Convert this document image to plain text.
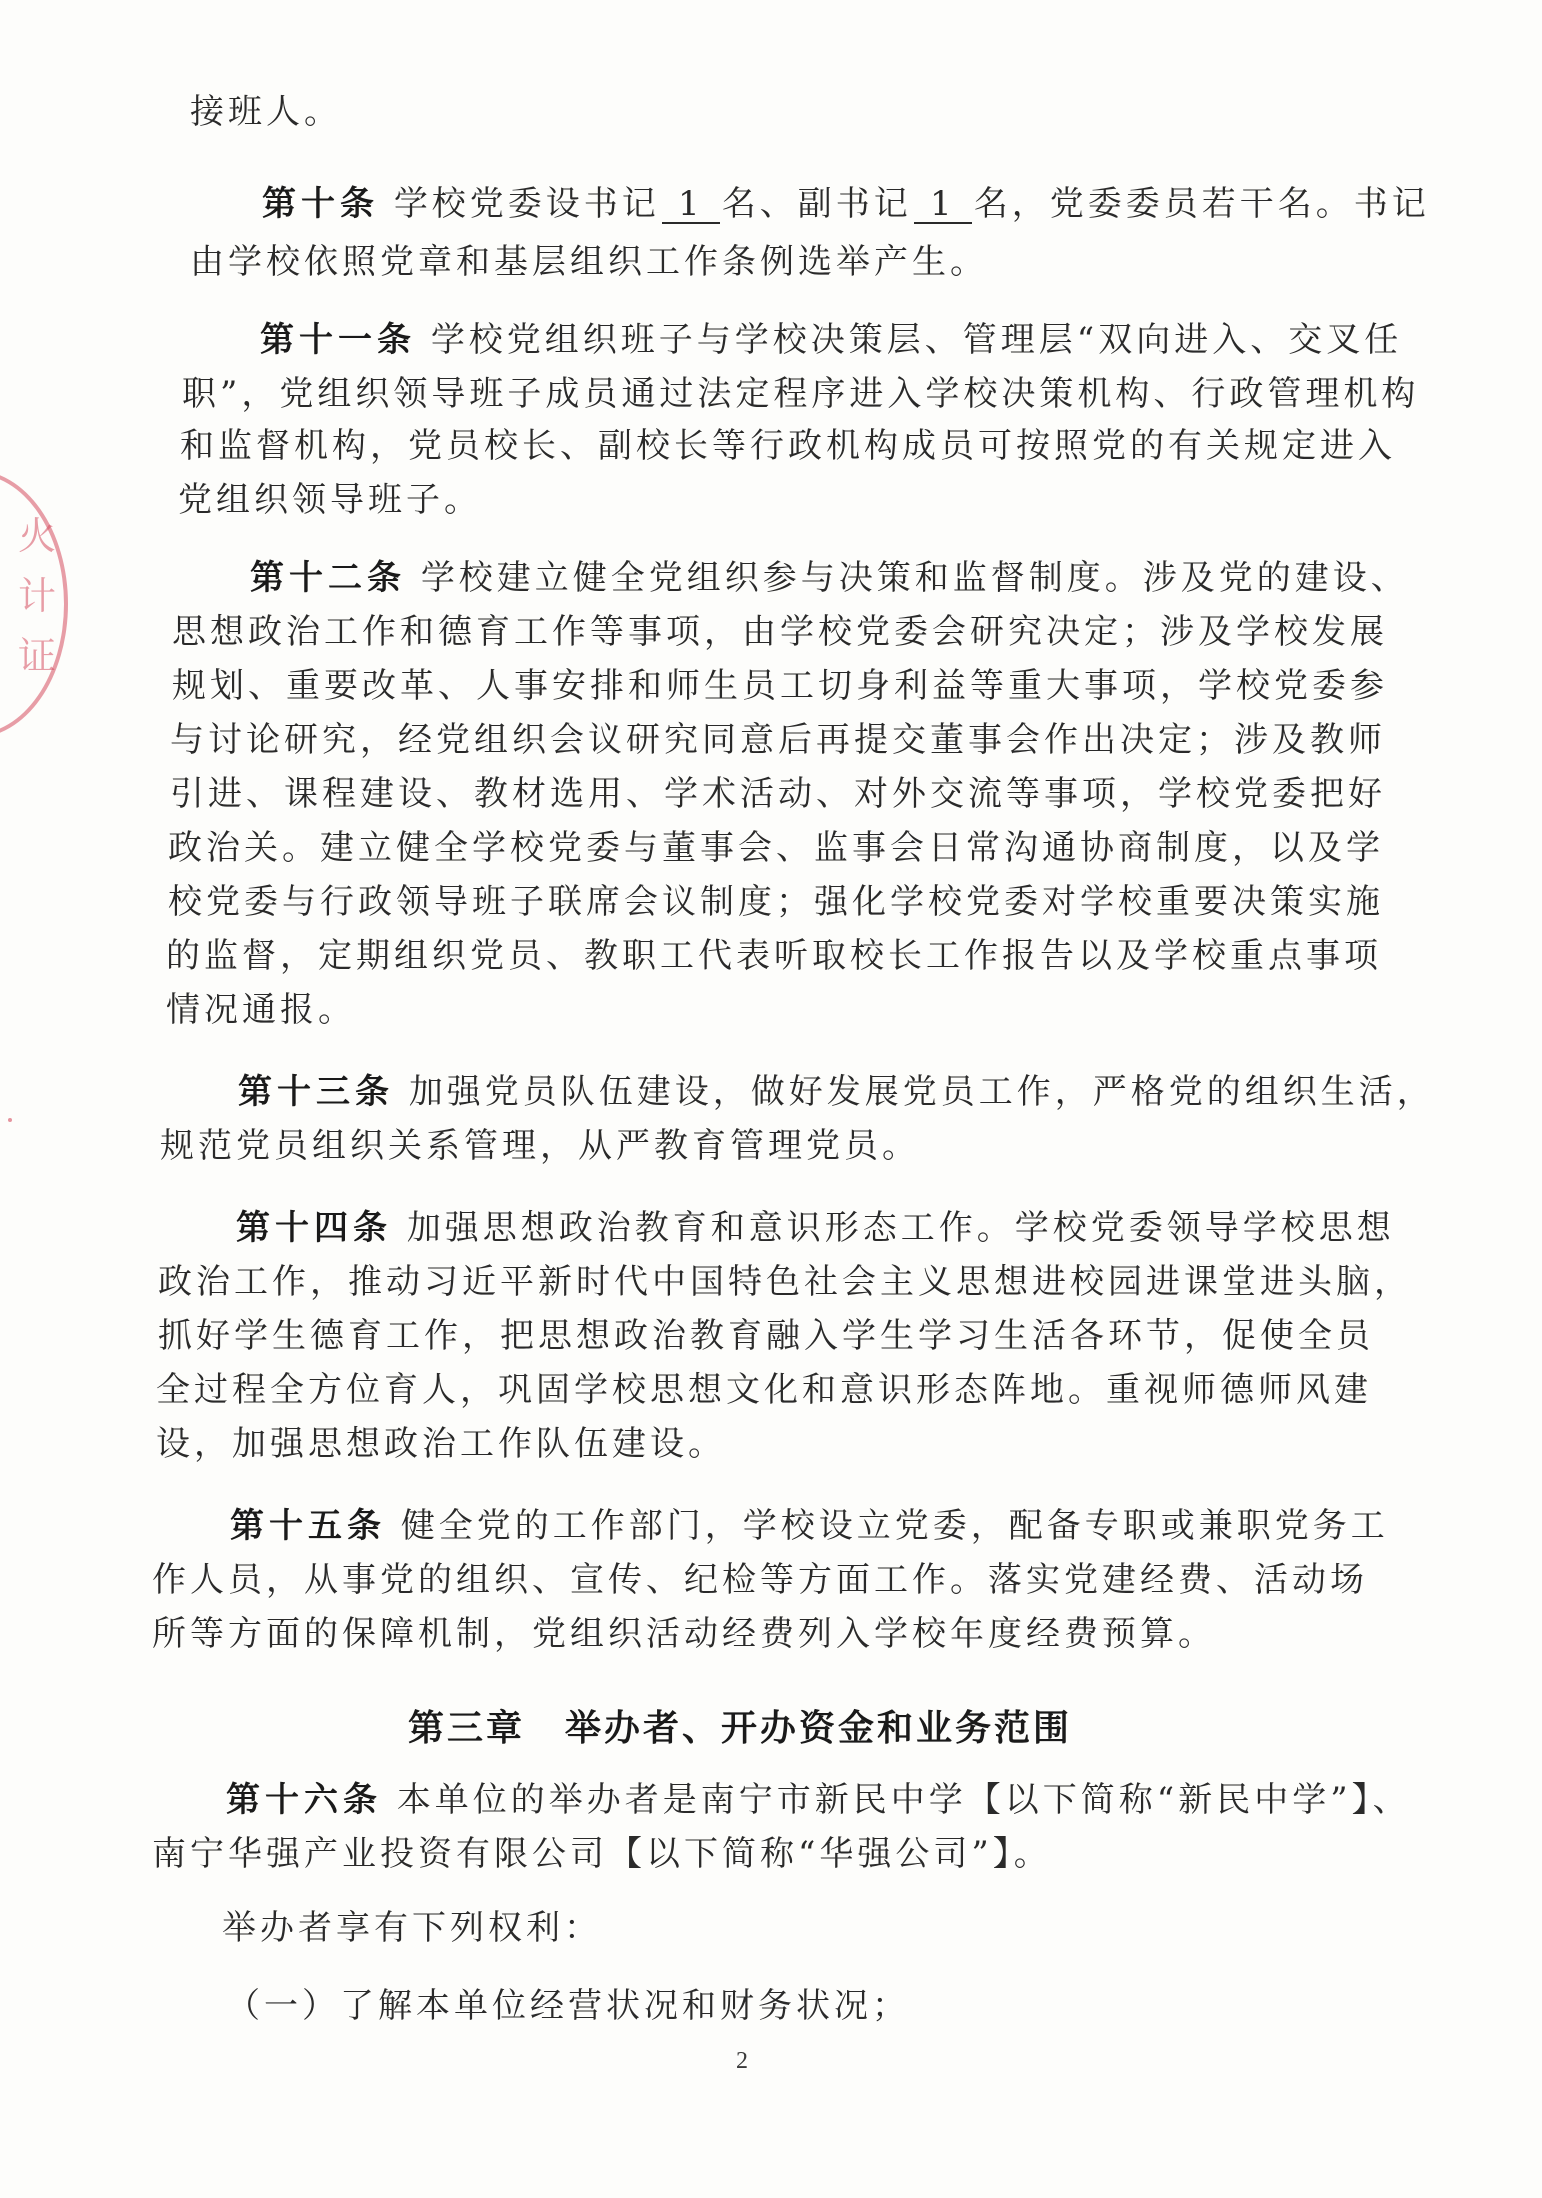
火
计
证
接班人。
第十条 学校党委设书记 1 名、副书记 1 名，党委委员若干名。书记
由学校依照党章和基层组织工作条例选举产生。
第十一条 学校党组织班子与学校决策层、管理层“双向进入、交叉任
职”，党组织领导班子成员通过法定程序进入学校决策机构、行政管理机构
和监督机构，党员校长、副校长等行政机构成员可按照党的有关规定进入
党组织领导班子。
第十二条 学校建立健全党组织参与决策和监督制度。涉及党的建设、
思想政治工作和德育工作等事项，由学校党委会研究决定；涉及学校发展
规划、重要改革、人事安排和师生员工切身利益等重大事项，学校党委参
与讨论研究，经党组织会议研究同意后再提交董事会作出决定；涉及教师
引进、课程建设、教材选用、学术活动、对外交流等事项，学校党委把好
政治关。建立健全学校党委与董事会、监事会日常沟通协商制度，以及学
校党委与行政领导班子联席会议制度；强化学校党委对学校重要决策实施
的监督，定期组织党员、教职工代表听取校长工作报告以及学校重点事项
情况通报。
第十三条 加强党员队伍建设，做好发展党员工作，严格党的组织生活，
规范党员组织关系管理，从严教育管理党员。
第十四条 加强思想政治教育和意识形态工作。学校党委领导学校思想
政治工作，推动习近平新时代中国特色社会主义思想进校园进课堂进头脑，
抓好学生德育工作，把思想政治教育融入学生学习生活各环节，促使全员
全过程全方位育人，巩固学校思想文化和意识形态阵地。重视师德师风建
设，加强思想政治工作队伍建设。
第十五条 健全党的工作部门，学校设立党委，配备专职或兼职党务工
作人员，从事党的组织、宣传、纪检等方面工作。落实党建经费、活动场
所等方面的保障机制，党组织活动经费列入学校年度经费预算。
第三章 举办者、开办资金和业务范围
第十六条 本单位的举办者是南宁市新民中学【以下简称“新民中学”】、
南宁华强产业投资有限公司【以下简称“华强公司”】。
举办者享有下列权利：
（一）了解本单位经营状况和财务状况；
2
